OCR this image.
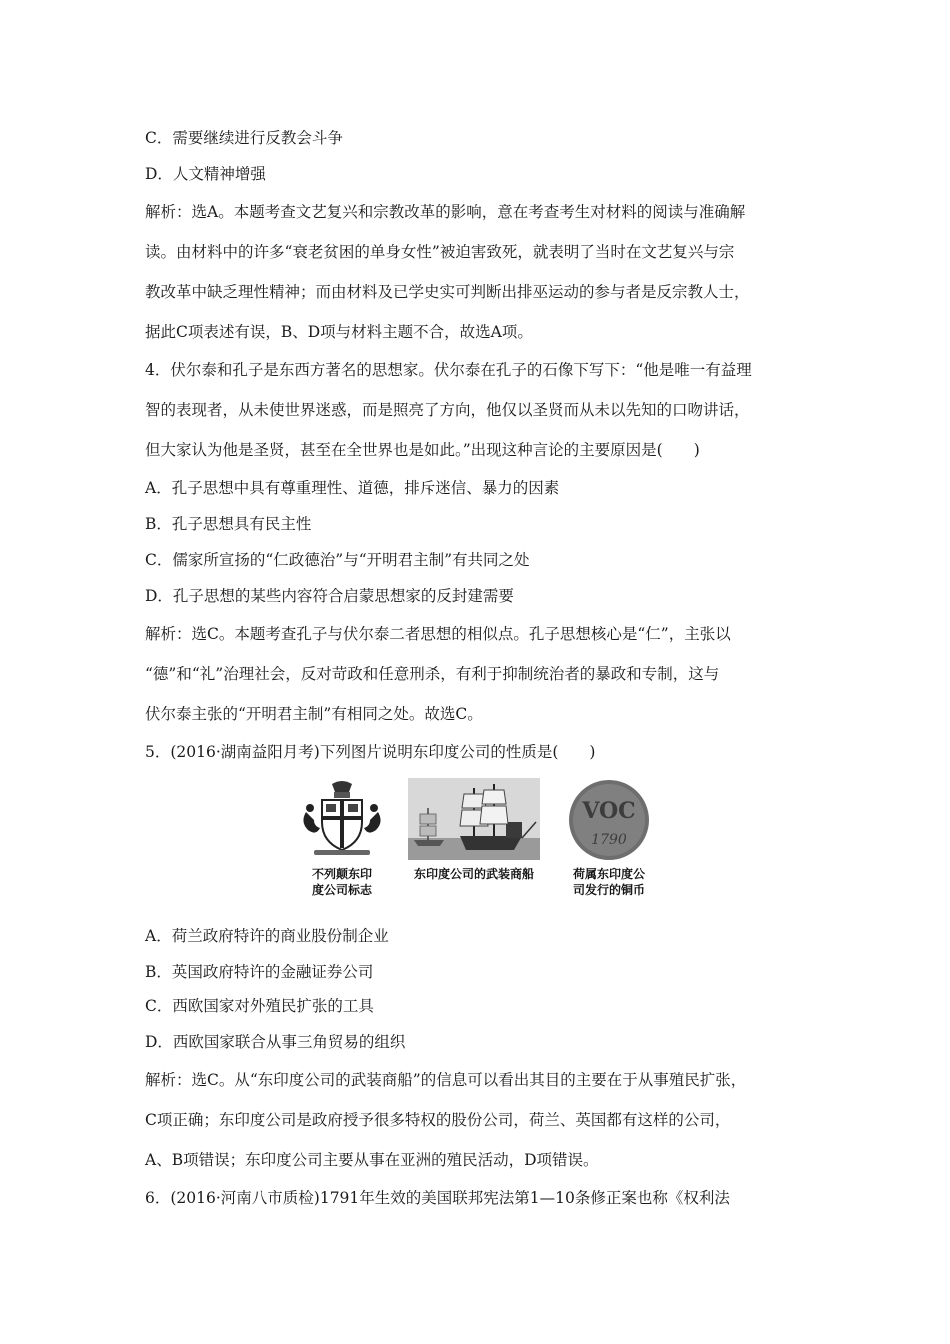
C．需要继续进行反教会斗争
D．人文精神增强
解析：选A。本题考查文艺复兴和宗教改革的影响，意在考查考生对材料的阅读与准确解
读。由材料中的许多“衰老贫困的单身女性”被迫害致死，就表明了当时在文艺复兴与宗
教改革中缺乏理性精神；而由材料及已学史实可判断出排巫运动的参与者是反宗教人士，
据此C项表述有误，B、D项与材料主题不合，故选A项。
4．伏尔泰和孔子是东西方著名的思想家。伏尔泰在孔子的石像下写下：“他是唯一有益理
智的表现者，从未使世界迷惑，而是照亮了方向，他仅以圣贤而从未以先知的口吻讲话，
但大家认为他是圣贤，甚至在全世界也是如此。”出现这种言论的主要原因是(　　)
A．孔子思想中具有尊重理性、道德，排斥迷信、暴力的因素
B．孔子思想具有民主性
C．儒家所宣扬的“仁政德治”与“开明君主制”有共同之处
D．孔子思想的某些内容符合启蒙思想家的反封建需要
解析：选C。本题考查孔子与伏尔泰二者思想的相似点。孔子思想核心是“仁”，主张以
“德”和“礼”治理社会，反对苛政和任意刑杀，有利于抑制统治者的暴政和专制，这与
伏尔泰主张的“开明君主制”有相同之处。故选C。
5．(2016·湖南益阳月考)下列图片说明东印度公司的性质是(　　)
不列颠东印
度公司标志
东印度公司的武装商船
VOC
1790
荷属东印度公
司发行的铜币
A．荷兰政府特许的商业股份制企业
B．英国政府特许的金融证券公司
C．西欧国家对外殖民扩张的工具
D．西欧国家联合从事三角贸易的组织
解析：选C。从“东印度公司的武装商船”的信息可以看出其目的主要在于从事殖民扩张，
C项正确；东印度公司是政府授予很多特权的股份公司，荷兰、英国都有这样的公司，
A、B项错误；东印度公司主要从事在亚洲的殖民活动，D项错误。
6．(2016·河南八市质检)1791年生效的美国联邦宪法第1—10条修正案也称《权利法
